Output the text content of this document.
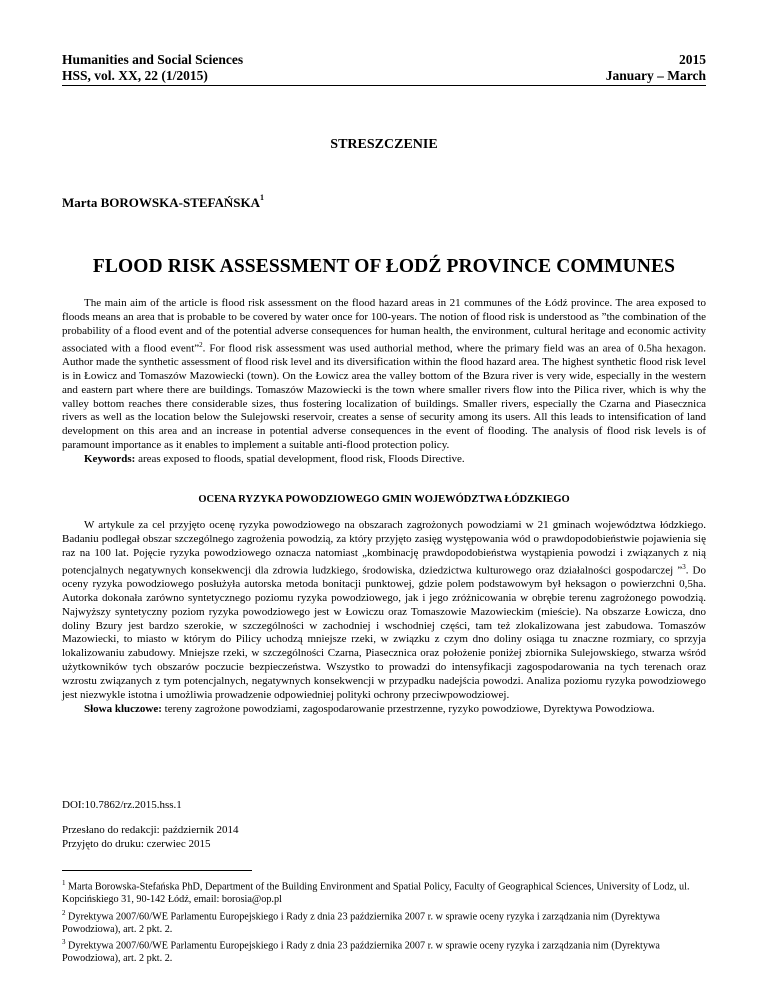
Humanities and Social Sciences
HSS, vol. XX, 22 (1/2015)
2015
January – March
STRESZCZENIE
Marta BOROWSKA-STEFAŃSKA$^1$
FLOOD RISK ASSESSMENT OF ŁODŹ PROVINCE COMMUNES

The main aim of the article is flood risk assessment on the flood hazard areas in 21 communes of the Łódź province. The area exposed to floods means an area that is probable to be covered by water once for 100-years. The notion of flood risk is understood as ”the combination of the probability of a flood event and of the potential adverse consequences for human health, the environment, cultural heritage and economic activity associated with a flood event”$^2$. For flood risk assessment was used authorial method, where the primary field was an area of 0.5ha hexagon. Author made the synthetic assessment of flood risk level and its diversification within the flood hazard area. The highest synthetic flood risk level is in Łowicz and Tomaszów Mazowiecki (town). On the Łowicz area the valley bottom of the Bzura river is very wide, especially in the western and eastern part where there are buildings. Tomaszów Mazowiecki is the town where smaller rivers flow into the Pilica river, which is why the valley bottom reaches there considerable sizes, thus fostering localization of buildings. Smaller rivers, especially the Czarna and Piasecznica rivers as well as the location below the Sulejowski reservoir, creates a sense of security among its users. All this leads to intensification of land development on this area and an increase in potential adverse consequences in the event of flooding. The analysis of flood risk levels is of paramount importance as it enables to implement a suitable anti-flood protection policy.

Keywords: areas exposed to floods, spatial development, flood risk, Floods Directive.

OCENA RYZYKA POWODZIOWEGO GMIN WOJEWÓDZTWA ŁÓDZKIEGO

W artykule za cel przyjęto ocenę ryzyka powodziowego na obszarach zagrożonych powodziami w 21 gminach województwa łódzkiego. Badaniu podlegał obszar szczególnego zagrożenia powodzią, za który przyjęto zasięg występowania wód o prawdopodobieństwie pojawienia się raz na 100 lat. Pojęcie ryzyka powodziowego oznacza natomiast „kombinację prawdopodobieństwa wystąpienia powodzi i związanych z nią potencjalnych negatywnych konsekwencji dla zdrowia ludzkiego, środowiska, dziedzictwa kulturowego oraz działalności gospodarczej ”$^3$. Do oceny ryzyka powodziowego posłużyła autorska metoda bonitacji punktowej, gdzie polem podstawowym był heksagon o powierzchni 0,5ha. Autorka dokonała zarówno syntetycznego poziomu ryzyka powodziowego, jak i jego zróżnicowania w obrębie terenu zagrożonego powodzią. Najwyższy syntetyczny poziom ryzyka powodziowego jest w Łowiczu oraz Tomaszowie Mazowieckim (mieście). Na obszarze Łowicza, dno doliny Bzury jest bardzo szerokie, w szczególności w zachodniej i wschodniej części, tam też zlokalizowana jest zabudowa. Tomaszów Mazowiecki, to miasto w którym do Pilicy uchodzą mniejsze rzeki, w związku z czym dno doliny osiąga tu znaczne rozmiary, co sprzyja lokalizowaniu zabudowy. Mniejsze rzeki, w szczególności Czarna, Piasecznica oraz położenie poniżej zbiornika Sulejowskiego, stwarza wśród użytkowników tych obszarów poczucie bezpieczeństwa. Wszystko to prowadzi do intensyfikacji zagospodarowania na tych terenach oraz wzrostu związanych z tym potencjalnych, negatywnych konsekwencji w przypadku nadejścia powodzi. Analiza poziomu ryzyka powodziowego jest niezwykle istotna i umożliwia prowadzenie odpowiedniej polityki ochrony przeciwpowodziowej.

Słowa kluczowe: tereny zagrożone powodziami, zagospodarowanie przestrzenne, ryzyko powodziowe, Dyrektywa Powodziowa.

DOI:10.7862/rz.2015.hss.1
Przesłano do redakcji: październik 2014
Przyjęto do druku: czerwiec 2015
$^1$ Marta Borowska-Stefańska PhD, Department of the Building Environment and Spatial Policy, Faculty of Geographical Sciences, University of Lodz, ul. Kopcińskiego 31, 90-142 Łódź, email: borosia@op.pl
$^2$ Dyrektywa 2007/60/WE Parlamentu Europejskiego i Rady z dnia 23 października 2007 r. w sprawie oceny ryzyka i zarządzania nim (Dyrektywa Powodziowa), art. 2 pkt. 2.
$^3$ Dyrektywa 2007/60/WE Parlamentu Europejskiego i Rady z dnia 23 października 2007 r. w sprawie oceny ryzyka i zarządzania nim (Dyrektywa Powodziowa), art. 2 pkt. 2.
